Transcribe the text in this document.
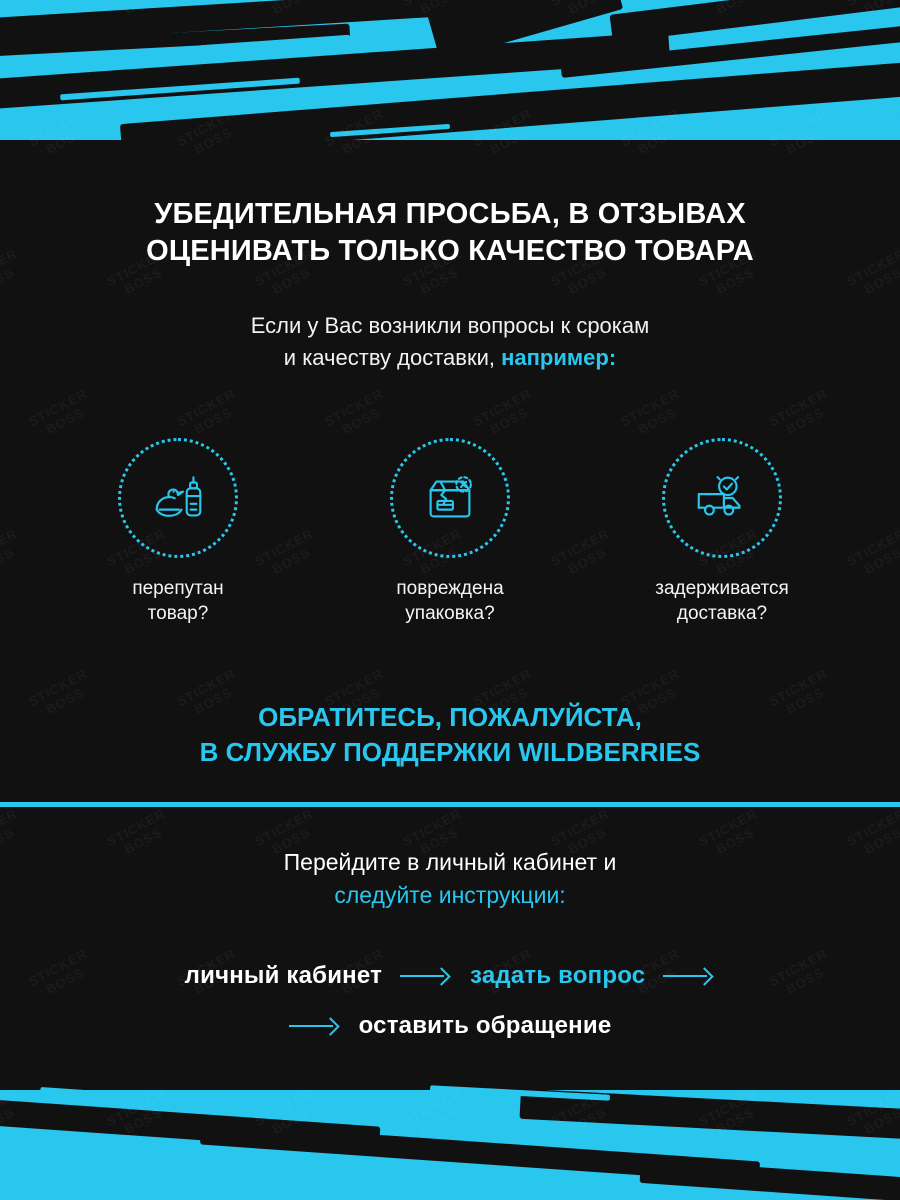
УБЕДИТЕЛЬНАЯ ПРОСЬБА, В ОТЗЫВАХ ОЦЕНИВАТЬ ТОЛЬКО КАЧЕСТВО ТОВАРА
Если у Вас возникли вопросы к срокам
и качеству доставки, например:
перепутан
товар?
повреждена
упаковка?
задерживается
доставка?
ОБРАТИТЕСЬ, ПОЖАЛУЙСТА,
В СЛУЖБУ ПОДДЕРЖКИ WILDBERRIES
Перейдите в личный кабинет и
следуйте инструкции:
личный кабинет	задать вопрос
оставить обращение
